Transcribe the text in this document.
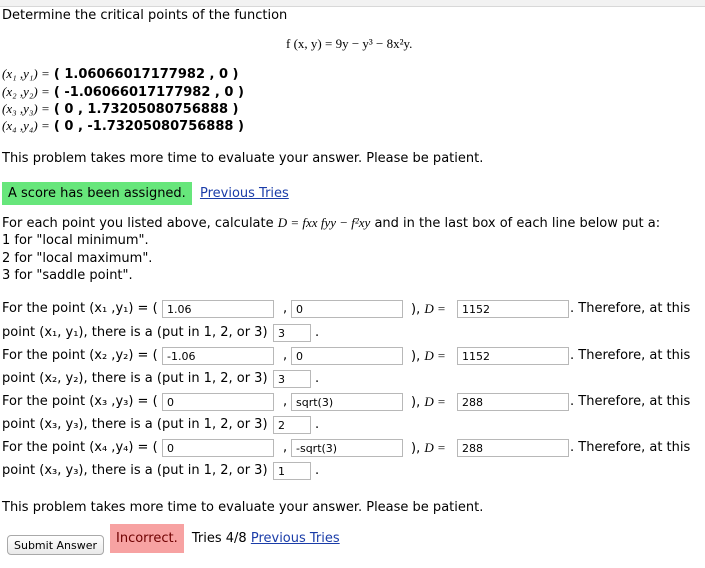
Determine the critical points of the function
f (x, y) = 9y − y³ − 8x²y.
(x₁ ,y₁) = ( 1.06066017177982 , 0 )
(x₂ ,y₂) = ( -1.06066017177982 , 0 )
(x₃ ,y₃) = ( 0 , 1.73205080756888 )
(x₄ ,y₄) = ( 0 , -1.73205080756888 )
This problem takes more time to evaluate your answer. Please be patient.
A score has been assigned. Previous Tries
For each point you listed above, calculate D = fxx fyy − f²xy and in the last box of each line below put a:
1 for "local minimum".
2 for "local maximum".
3 for "saddle point".
For the point (x₁ ,y₁) = (
1.06	,
0	), D =
1152	. Therefore, at this
point (x₁, y₁), there is a (put in 1, 2, or 3)
3	.
For the point (x₂ ,y₂) = (
-1.06	,
0	), D =
1152	. Therefore, at this
point (x₂, y₂), there is a (put in 1, 2, or 3)
3	.
For the point (x₃ ,y₃) = (
0	,
sqrt(3)	), D =
288	. Therefore, at this
point (x₃, y₃), there is a (put in 1, 2, or 3)
2	.
For the point (x₄ ,y₄) = (
0	,
-sqrt(3)	), D =
288	. Therefore, at this
point (x₃, y₃), there is a (put in 1, 2, or 3)
1	.
This problem takes more time to evaluate your answer. Please be patient.
Submit Answer	Incorrect. Tries 4/8 Previous Tries
